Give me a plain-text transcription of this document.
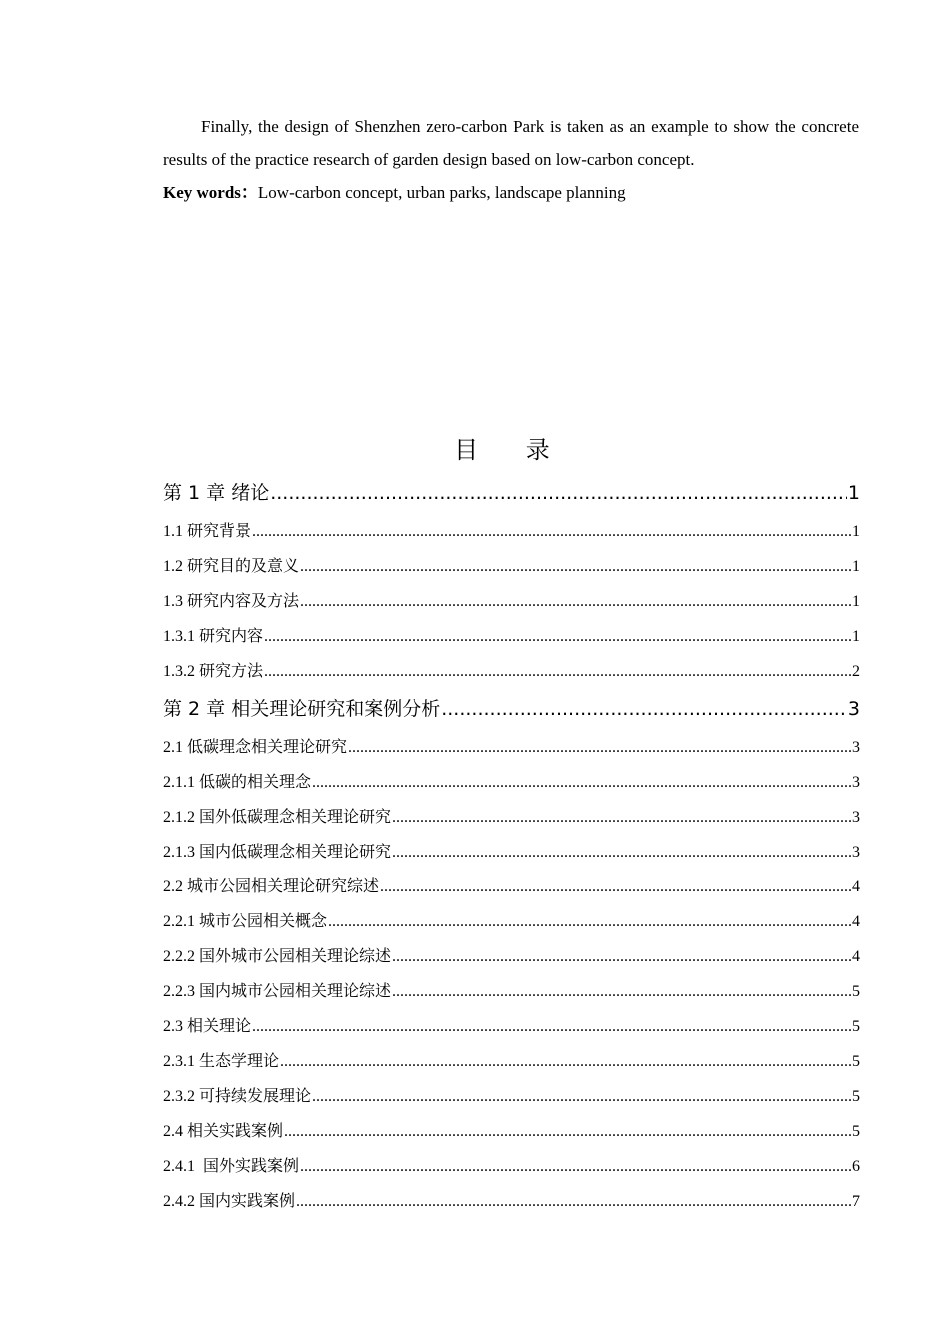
Finally, the design of Shenzhen zero-carbon Park is taken as an example to show the concrete results of the practice research of garden design based on low-carbon concept.

Key words：Low-carbon concept, urban parks, landscape planning
目 录
第 1 章 绪论 .....	1
1.1 研究背景 .....	1
1.2 研究目的及意义 .....	1
1.3 研究内容及方法 .....	1
1.3.1 研究内容 .....	1
1.3.2 研究方法 .....	2
第 2 章 相关理论研究和案例分析 .....	3
2.1 低碳理念相关理论研究 .....	3
2.1.1 低碳的相关理念 .....	3
2.1.2 国外低碳理念相关理论研究 .....	3
2.1.3 国内低碳理念相关理论研究 .....	3
2.2 城市公园相关理论研究综述 .....	4
2.2.1 城市公园相关概念 .....	4
2.2.2 国外城市公园相关理论综述 .....	4
2.2.3 国内城市公园相关理论综述 .....	5
2.3 相关理论 .....	5
2.3.1 生态学理论 .....	5
2.3.2 可持续发展理论 .....	5
2.4 相关实践案例 .....	5
2.4.1  国外实践案例 .....	6
2.4.2 国内实践案例 .....	7
